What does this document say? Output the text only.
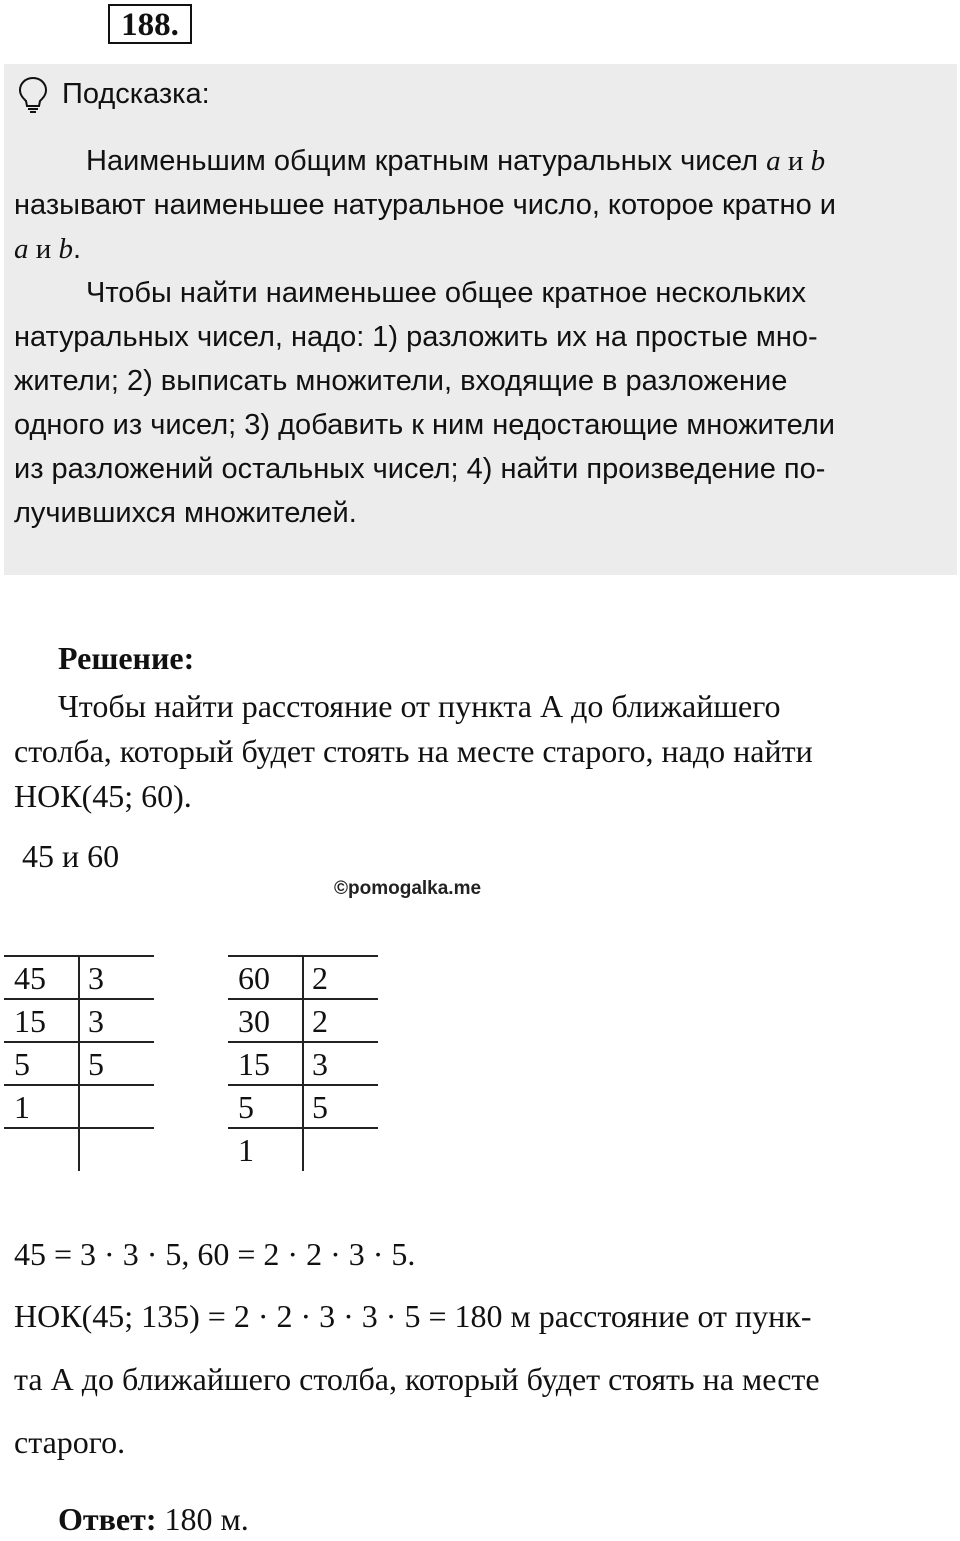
188.
Подсказка:
Наименьшим общим кратным натуральных чисел a и b
называют наименьшее натуральное число, которое кратно и
a и b.
Чтобы найти наименьшее общее кратное нескольких
натуральных чисел, надо: 1) разложить их на простые мно-
жители; 2) выписать множители, входящие в разложение
одного из чисел; 3) добавить к ним недостающие множители
из разложений остальных чисел; 4) найти произведение по-
лучившихся множителей.
Решение:
Чтобы найти расстояние от пункта А до ближайшего
столба, который будет стоять на месте старого, надо найти
НОК(45; 60).
45 и 60
©pomogalka.me
45 3
15 3
5 5
1
60 2
30 2
15 3
5 5
1
45 = 3 · 3 · 5, 60 = 2 · 2 · 3 · 5.
НОК(45; 135) = 2 · 2 · 3 · 3 · 5 = 180 м расстояние от пунк-
та А до ближайшего столба, который будет стоять на месте
старого.
Ответ: 180 м.
